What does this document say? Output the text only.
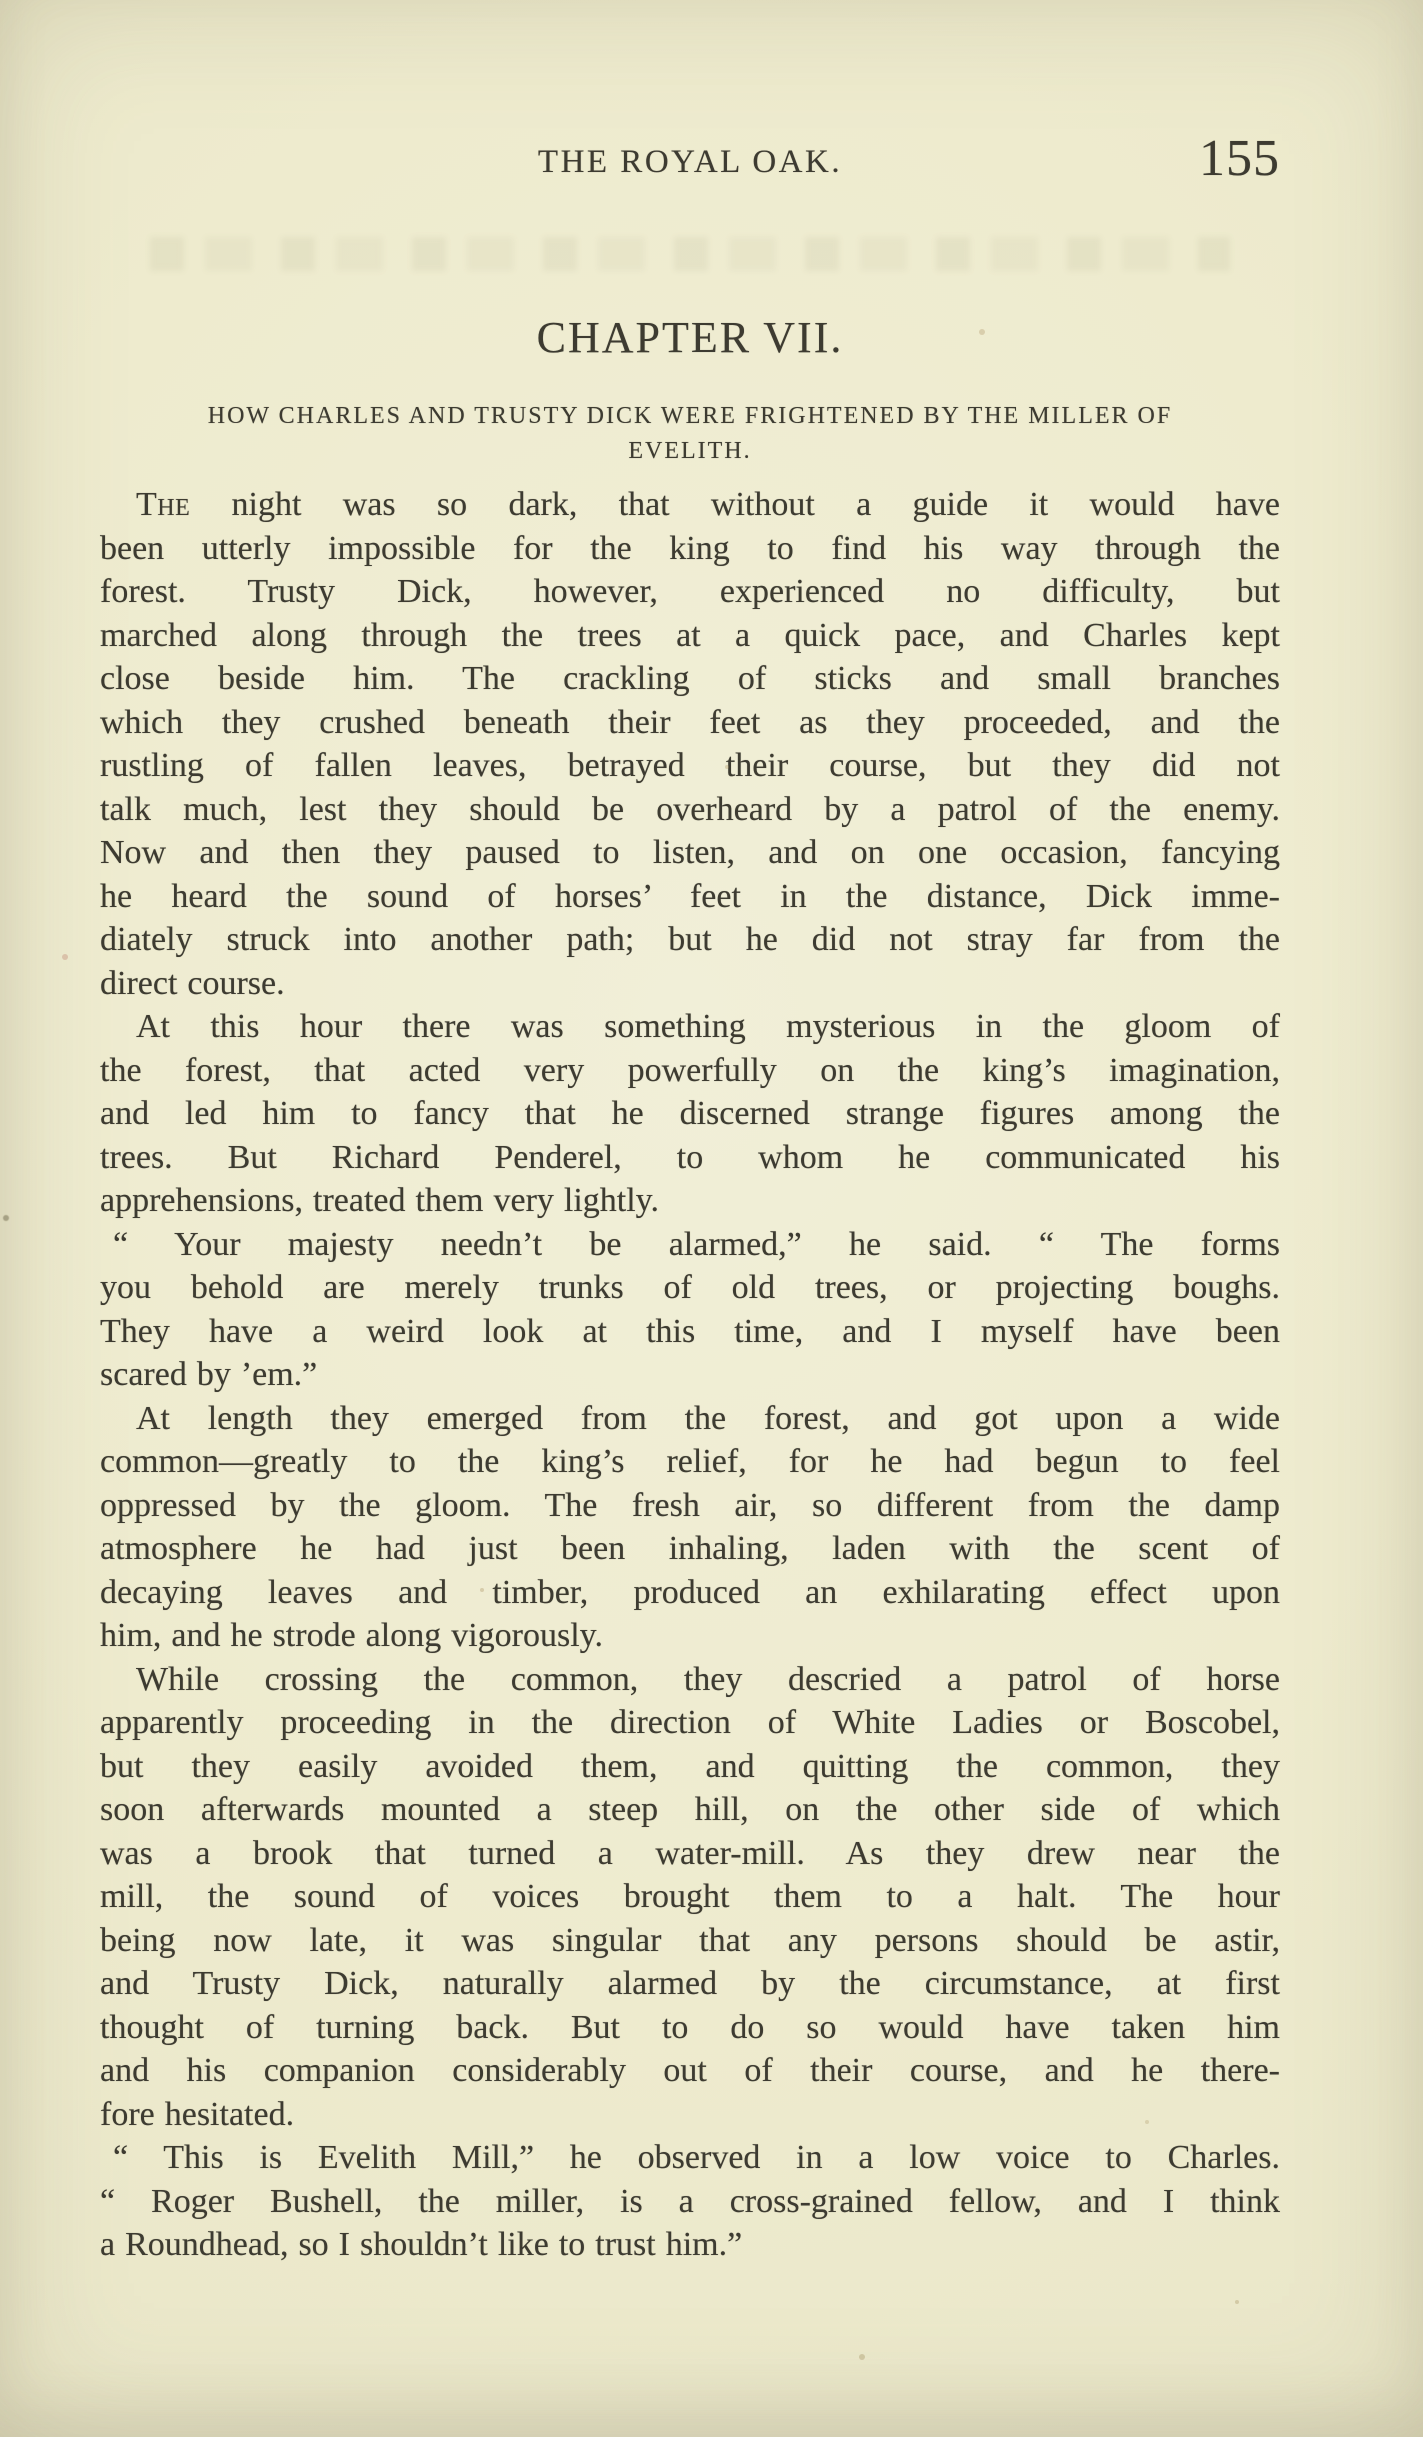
THE ROYAL OAK.	155
CHAPTER VII.
HOW CHARLES AND TRUSTY DICK WERE FRIGHTENED BY THE MILLER OF
EVELITH.
The night was so dark, that without a guide it would have
been utterly impossible for the king to find his way through the
forest. Trusty Dick, however, experienced no difficulty, but
marched along through the trees at a quick pace, and Charles kept
close beside him. The crackling of sticks and small branches
which they crushed beneath their feet as they proceeded, and the
rustling of fallen leaves, betrayed their course, but they did not
talk much, lest they should be overheard by a patrol of the enemy.
Now and then they paused to listen, and on one occasion, fancying
he heard the sound of horses’ feet in the distance, Dick imme-
diately struck into another path; but he did not stray far from the
direct course.
At this hour there was something mysterious in the gloom of
the forest, that acted very powerfully on the king’s imagination,
and led him to fancy that he discerned strange figures among the
trees. But Richard Penderel, to whom he communicated his
apprehensions, treated them very lightly.
“ Your majesty needn’t be alarmed,” he said. “ The forms
you behold are merely trunks of old trees, or projecting boughs.
They have a weird look at this time, and I myself have been
scared by ’em.”
At length they emerged from the forest, and got upon a wide
common—greatly to the king’s relief, for he had begun to feel
oppressed by the gloom. The fresh air, so different from the damp
atmosphere he had just been inhaling, laden with the scent of
decaying leaves and timber, produced an exhilarating effect upon
him, and he strode along vigorously.
While crossing the common, they descried a patrol of horse
apparently proceeding in the direction of White Ladies or Boscobel,
but they easily avoided them, and quitting the common, they
soon afterwards mounted a steep hill, on the other side of which
was a brook that turned a water-mill. As they drew near the
mill, the sound of voices brought them to a halt. The hour
being now late, it was singular that any persons should be astir,
and Trusty Dick, naturally alarmed by the circumstance, at first
thought of turning back. But to do so would have taken him
and his companion considerably out of their course, and he there-
fore hesitated.
“ This is Evelith Mill,” he observed in a low voice to Charles.
“ Roger Bushell, the miller, is a cross-grained fellow, and I think
a Roundhead, so I shouldn’t like to trust him.”
